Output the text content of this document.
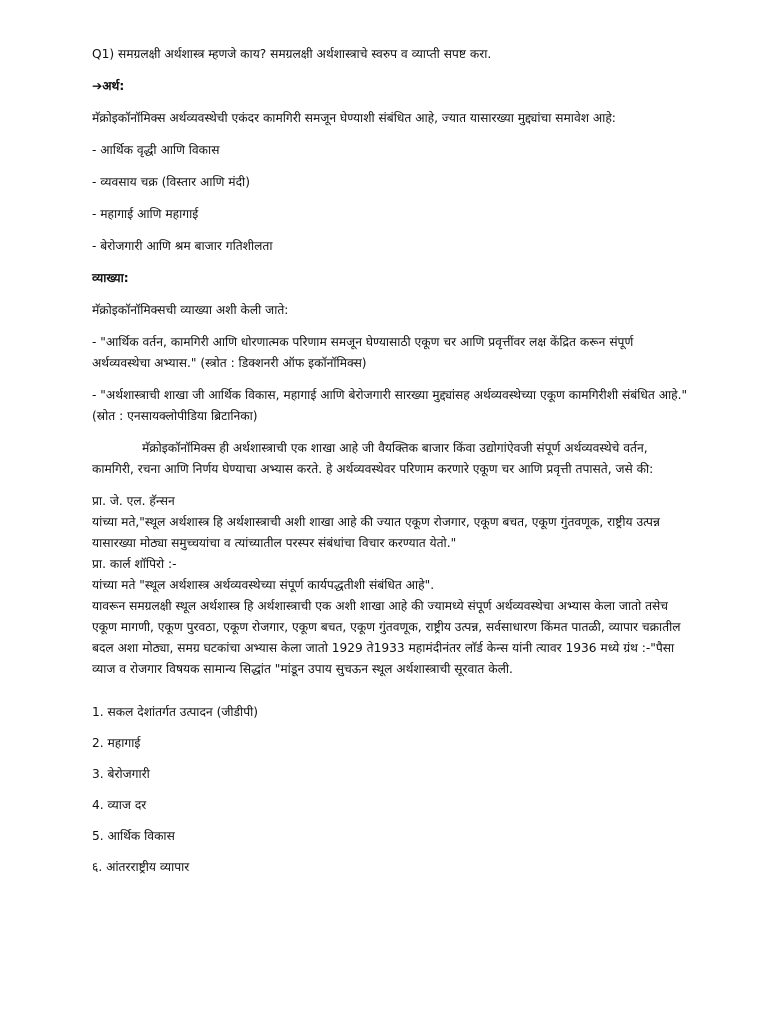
Q1) समग्रलक्षी अर्थशास्त्र म्हणजे काय? समग्रलक्षी अर्थशास्त्राचे स्वरुप व व्याप्ती सपष्ट करा.

➔अर्थ:

मॅक्रोइकॉनॉमिक्स अर्थव्यवस्थेची एकंदर कामगिरी समजून घेण्याशी संबंधित आहे, ज्यात यासारख्या मुद्द्यांचा समावेश आहे:

- आर्थिक वृद्धी आणि विकास

- व्यवसाय चक्र (विस्तार आणि मंदी)

- महागाई आणि महागाई

- बेरोजगारी आणि श्रम बाजार गतिशीलता

व्याख्या:

मॅक्रोइकॉनॉमिक्सची व्याख्या अशी केली जाते:

- "आर्थिक वर्तन, कामगिरी आणि धोरणात्मक परिणाम समजून घेण्यासाठी एकूण चर आणि प्रवृत्तींवर लक्ष केंद्रित करून संपूर्ण अर्थव्यवस्थेचा अभ्यास." (स्त्रोत : डिक्शनरी ऑफ इकॉनॉमिक्स)

- "अर्थशास्त्राची शाखा जी आर्थिक विकास, महागाई आणि बेरोजगारी सारख्या मुद्द्यांसह अर्थव्यवस्थेच्या एकूण कामगिरीशी संबंधित आहे." (स्रोत : एनसायक्लोपीडिया ब्रिटानिका)

मॅक्रोइकॉनॉमिक्स ही अर्थशास्त्राची एक शाखा आहे जी वैयक्तिक बाजार किंवा उद्योगांऐवजी संपूर्ण अर्थव्यवस्थेचे वर्तन, कामगिरी, रचना आणि निर्णय घेण्याचा अभ्यास करते. हे अर्थव्यवस्थेवर परिणाम करणारे एकूण चर आणि प्रवृत्ती तपासते, जसे की:

प्रा. जे. एल. हॅन्सन

यांच्या मते,"स्थूल अर्थशास्त्र हि अर्थशास्त्राची अशी शाखा आहे की ज्यात एकूण रोजगार, एकूण बचत, एकूण गुंतवणूक, राष्ट्रीय उत्पन्न यासारख्या मोठ्या समुच्चयांचा व त्यांच्यातील परस्पर संबंधांचा विचार करण्यात येतो."

प्रा. कार्ल शॉपिरो :-

यांच्या मते "स्थूल अर्थशास्त्र अर्थव्यवस्थेच्या संपूर्ण कार्यपद्धतीशी संबंधित आहे".

यावरून समग्रलक्षी स्थूल अर्थशास्त्र हि अर्थशास्त्राची एक अशी शाखा आहे की ज्यामध्ये संपूर्ण अर्थव्यवस्थेचा अभ्यास केला जातो तसेच एकूण मागणी, एकूण पुरवठा, एकूण रोजगार, एकूण बचत, एकूण गुंतवणूक, राष्ट्रीय उत्पन्न, सर्वसाधारण किंमत पातळी, व्यापार चक्रातील बदल अशा मोठ्या, समग्र घटकांचा अभ्यास केला जातो 1929 ते1933 महामंदीनंतर लाॅर्ड केन्स यांनी त्यावर 1936 मध्ये ग्रंथ :-"पैसा व्याज व रोजगार विषयक सामान्य सिद्धांत "मांडून उपाय सुचऊन स्थूल अर्थशास्त्राची सूरवात केली.

1. सकल देशांतर्गत उत्पादन (जीडीपी)

2. महागाई

3. बेरोजगारी

4. व्याज दर

5. आर्थिक विकास

६. आंतरराष्ट्रीय व्यापार
